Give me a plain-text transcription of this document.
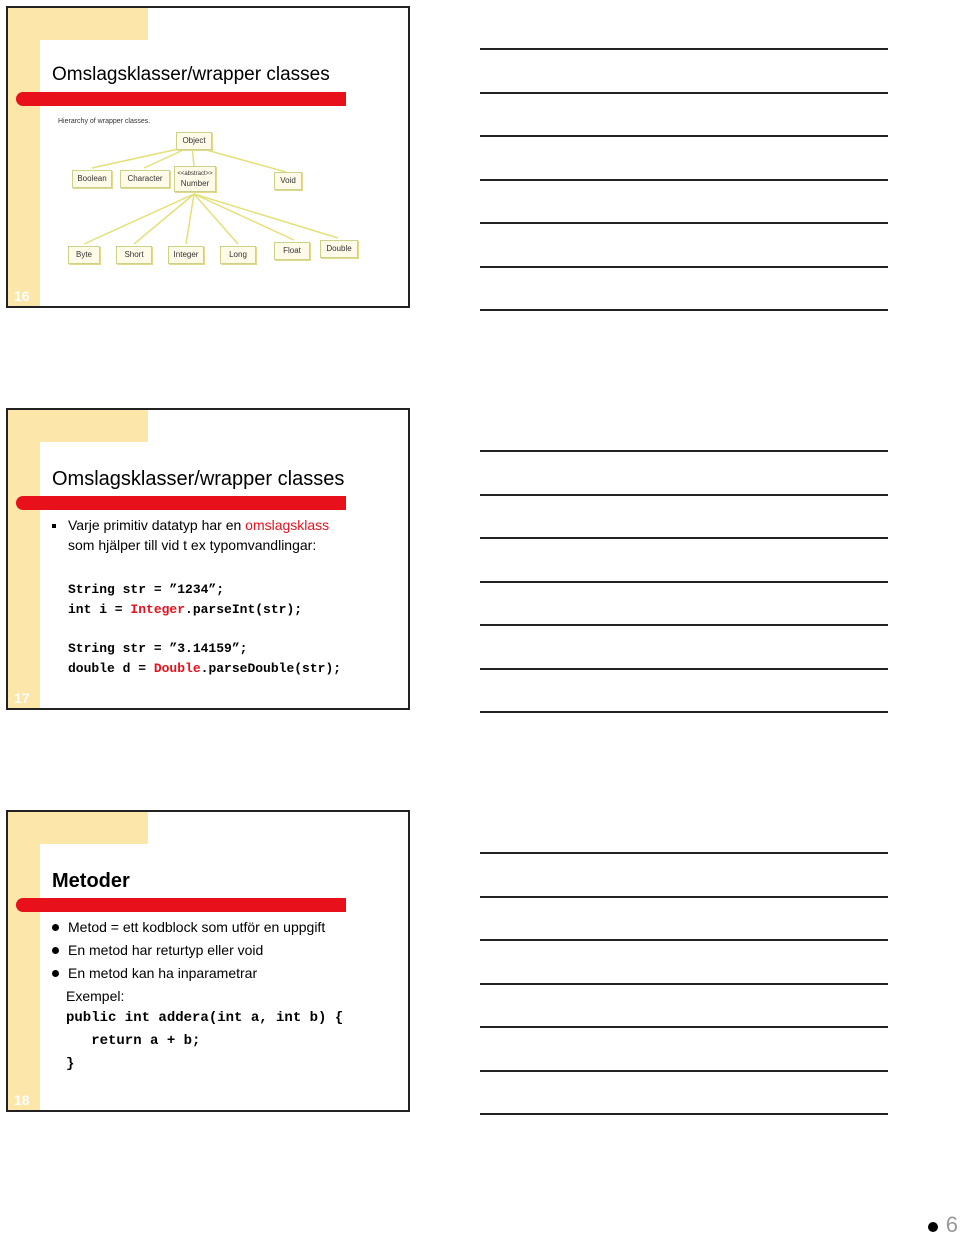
Omslagsklasser/wrapper classes
Hierarchy of wrapper classes.
Object
Boolean	Character	<<abstract>>
Number	Void
Byte	Short	Integer	Long	Float	Double
16
Omslagsklasser/wrapper classes
Varje primitiv datatyp har en omslagsklass
som hjälper till vid t ex typomvandlingar:
String str = ”1234”;
int i = Integer.parseInt(str);
String str = ”3.14159”;
double d = Double.parseDouble(str);
17
Metoder
Metod = ett kodblock som utför en uppgift
En metod har returtyp eller void
En metod kan ha inparametrar
Exempel:
public int addera(int a, int b) {
return a + b;
}
18
6
